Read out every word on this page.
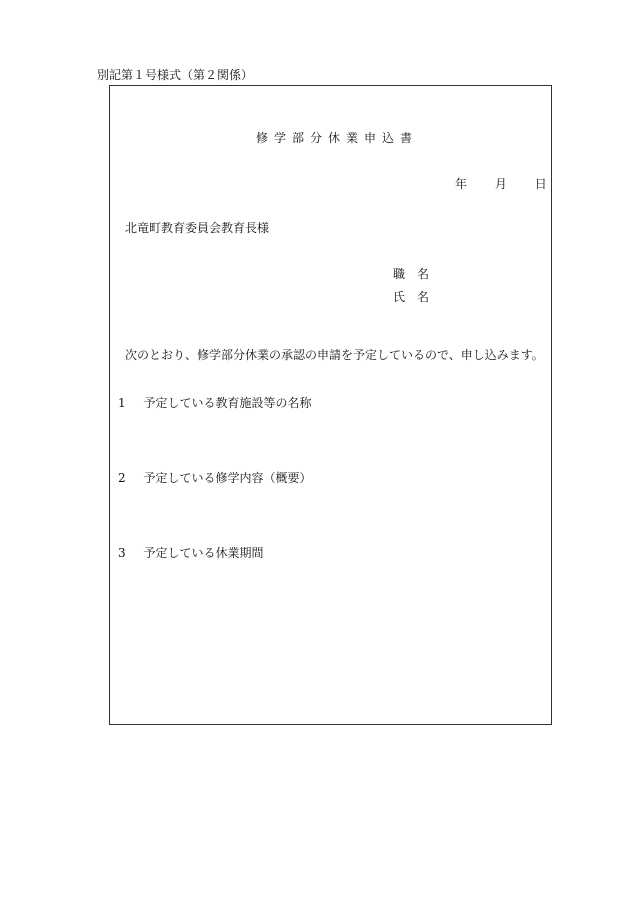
別記第１号様式（第２関係）
修学部分休業申込書
年 月 日
北竜町教育委員会教育長様
職　名
氏　名
次のとおり、修学部分休業の承認の申請を予定しているので、申し込みます。
1 予定している教育施設等の名称
2 予定している修学内容（概要）
3 予定している休業期間
